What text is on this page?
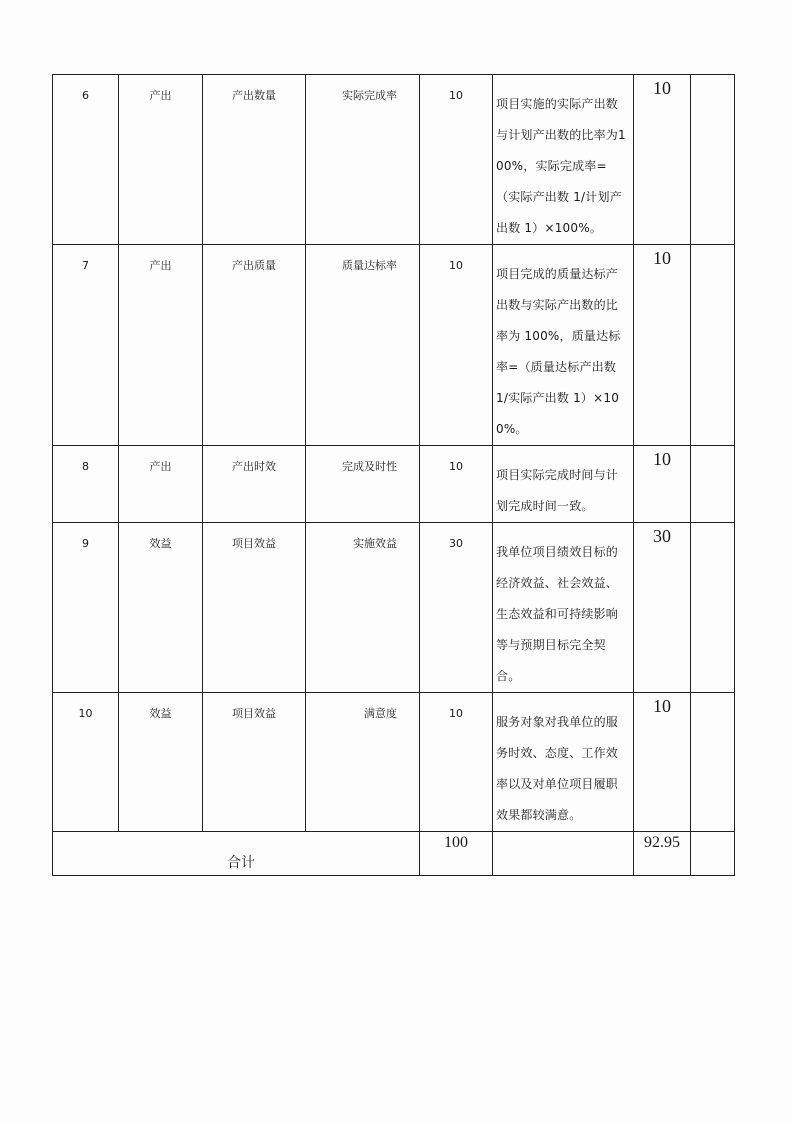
6	产出	产出数量	实际完成率	10	项目实施的实际产出数与计划产出数的比率为100%，实际完成率=（实际产出数 1/计划产出数 1）×100%。	10	
7	产出	产出质量	质量达标率	10	项目完成的质量达标产出数与实际产出数的比率为 100%，质量达标率=（质量达标产出数 1/实际产出数 1）×100%。	10	
8	产出	产出时效	完成及时性	10	项目实际完成时间与计划完成时间一致。	10	
9	效益	项目效益	实施效益	30	我单位项目绩效目标的经济效益、社会效益、生态效益和可持续影响等与预期目标完全契合。	30	
10	效益	项目效益	满意度	10	服务对象对我单位的服务时效、态度、工作效率以及对单位项目履职效果都较满意。	10	
合计				100		92.95	
